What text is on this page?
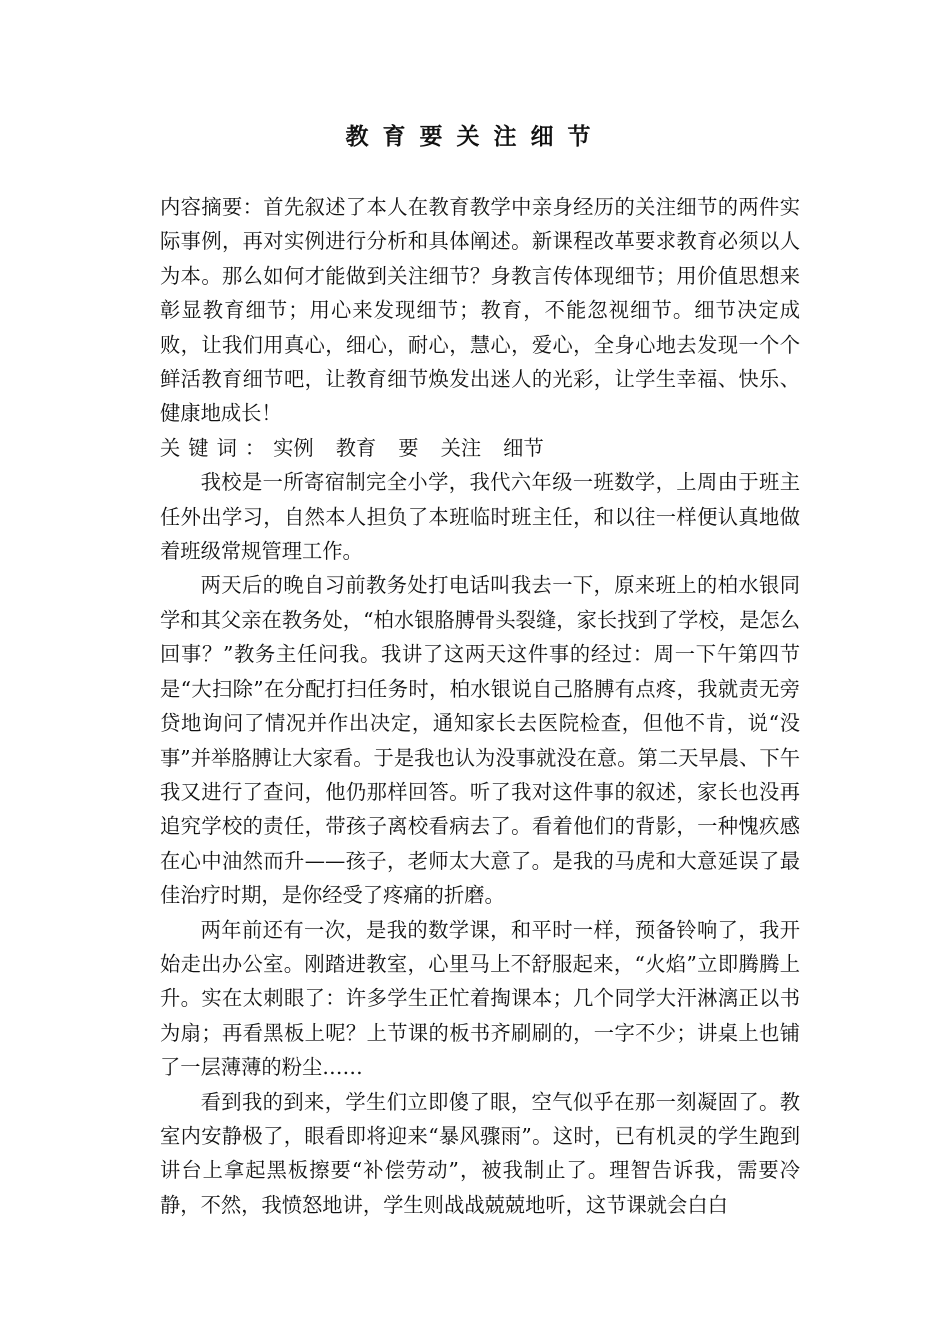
教育要关注细节

内容摘要：首先叙述了本人在教育教学中亲身经历的关注细节的两件实际事例，再对实例进行分析和具体阐述。新课程改革要求教育必须以人为本。那么如何才能做到关注细节？身教言传体现细节；用价值思想来彰显教育细节；用心来发现细节；教育，不能忽视细节。细节决定成败，让我们用真心，细心，耐心，慧心，爱心，全身心地去发现一个个鲜活教育细节吧，让教育细节焕发出迷人的光彩，让学生幸福、快乐、健康地成长！

关键词：实例 教育 要 关注 细节

我校是一所寄宿制完全小学，我代六年级一班数学，上周由于班主任外出学习，自然本人担负了本班临时班主任，和以往一样便认真地做着班级常规管理工作。

两天后的晚自习前教务处打电话叫我去一下，原来班上的柏水银同学和其父亲在教务处，“柏水银胳膊骨头裂缝，家长找到了学校，是怎么回事？”教务主任问我。我讲了这两天这件事的经过：周一下午第四节是“大扫除”在分配打扫任务时，柏水银说自己胳膊有点疼，我就责无旁贷地询问了情况并作出决定，通知家长去医院检查，但他不肯，说“没事”并举胳膊让大家看。于是我也认为没事就没在意。第二天早晨、下午我又进行了查问，他仍那样回答。听了我对这件事的叙述，家长也没再追究学校的责任，带孩子离校看病去了。看着他们的背影，一种愧疚感在心中油然而升——孩子，老师太大意了。是我的马虎和大意延误了最佳治疗时期，是你经受了疼痛的折磨。

两年前还有一次，是我的数学课，和平时一样，预备铃响了，我开始走出办公室。刚踏进教室，心里马上不舒服起来，“火焰”立即腾腾上升。实在太刺眼了：许多学生正忙着掏课本；几个同学大汗淋漓正以书为扇；再看黑板上呢？上节课的板书齐刷刷的，一字不少；讲桌上也铺了一层薄薄的粉尘……

看到我的到来，学生们立即傻了眼，空气似乎在那一刻凝固了。教室内安静极了，眼看即将迎来“暴风骤雨”。这时，已有机灵的学生跑到讲台上拿起黑板擦要“补偿劳动”，被我制止了。理智告诉我，需要冷静，不然，我愤怒地讲，学生则战战兢兢地听，这节课就会白白
